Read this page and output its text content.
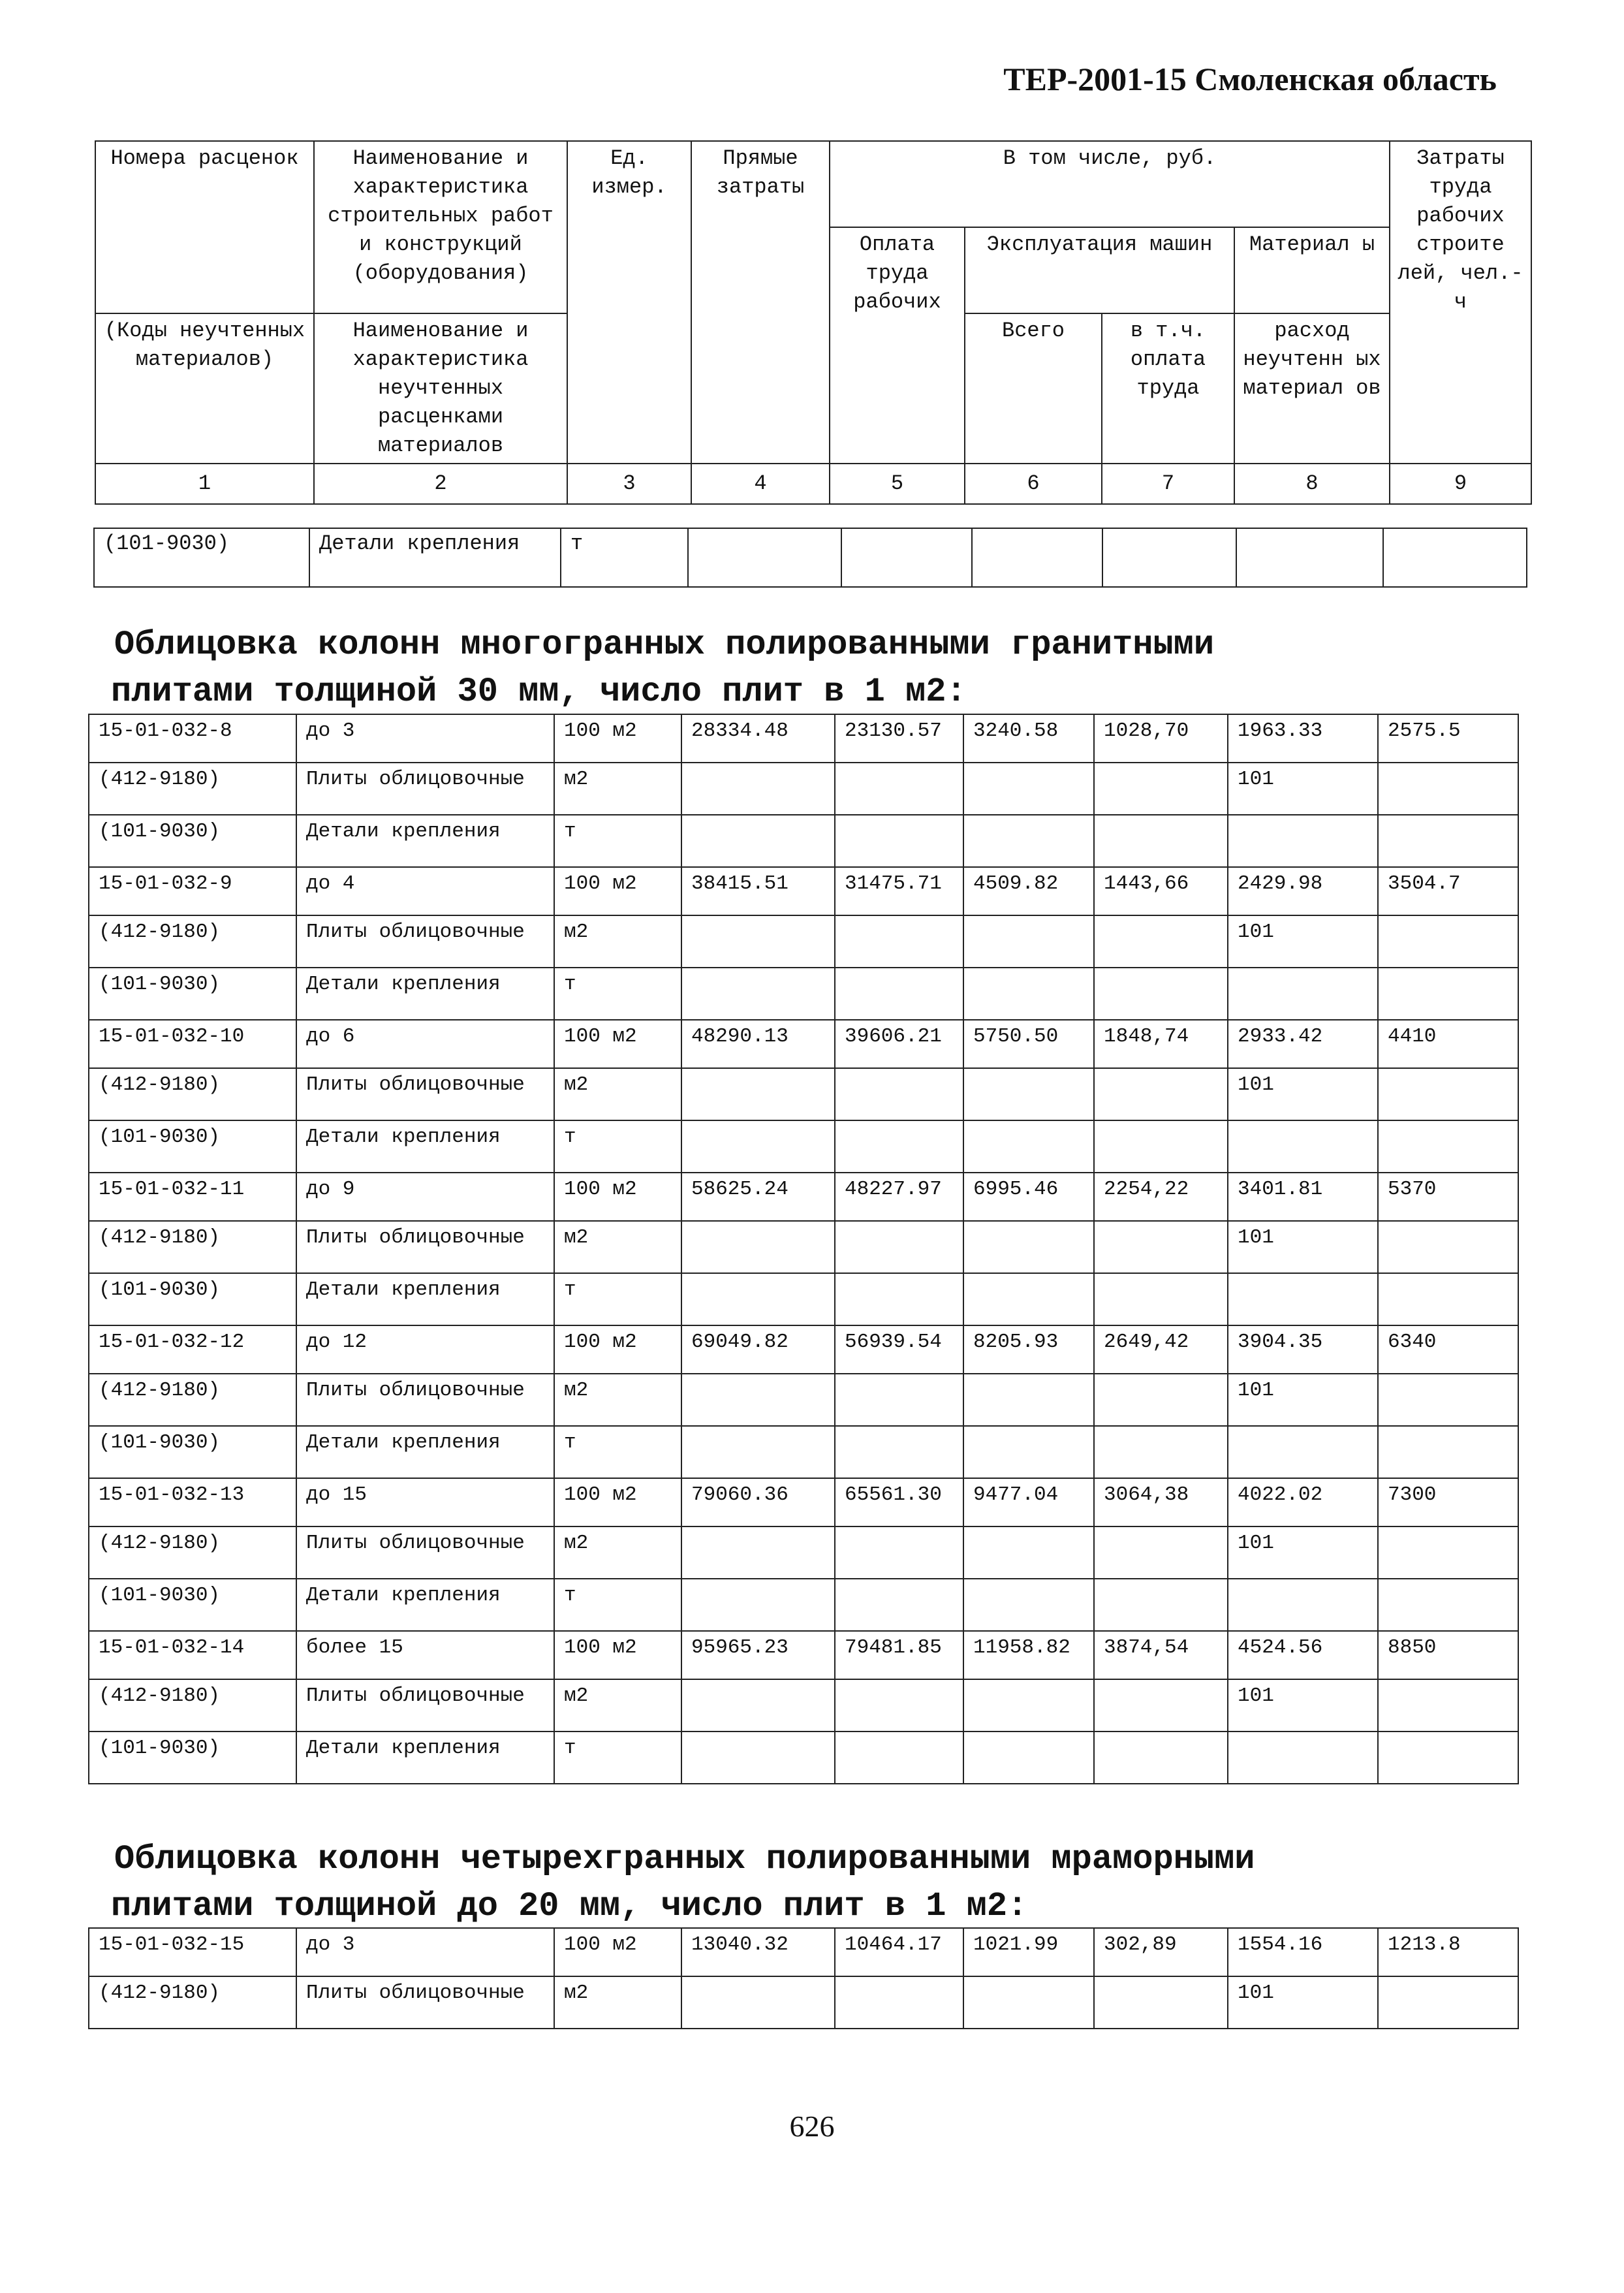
ТЕР-2001-15 Смоленская область
Номера расценок	Наименование и характеристика строительных работ и конструкций (оборудования)	Ед. измер.	Прямые затраты	В том числе, руб.				Затраты труда рабочих строите лей, чел.-ч
				Оплата труда рабочих	Эксплуатация машин		Материал ы	
(Коды неучтенных материалов)	Наименование и характеристика неучтенных расценками материалов				Всего	в т.ч. оплата труда	расход неучтенн ых материал ов	
1	2	3	4	5	6	7	8	9
(101-9030)	Детали крепления	т						
Облицовка колонн многогранных полированными гранитными
плитами толщиной 30 мм, число плит в 1 м2:
15-01-032-8	до 3	100 м2	28334.48	23130.57	3240.58	1028,70	1963.33	2575.5
(412-9180)	Плиты облицовочные	м2					101	
(101-9030)	Детали крепления	т						
15-01-032-9	до 4	100 м2	38415.51	31475.71	4509.82	1443,66	2429.98	3504.7
(412-9180)	Плиты облицовочные	м2					101	
(101-9030)	Детали крепления	т						
15-01-032-10	до 6	100 м2	48290.13	39606.21	5750.50	1848,74	2933.42	4410
(412-9180)	Плиты облицовочные	м2					101	
(101-9030)	Детали крепления	т						
15-01-032-11	до 9	100 м2	58625.24	48227.97	6995.46	2254,22	3401.81	5370
(412-9180)	Плиты облицовочные	м2					101	
(101-9030)	Детали крепления	т						
15-01-032-12	до 12	100 м2	69049.82	56939.54	8205.93	2649,42	3904.35	6340
(412-9180)	Плиты облицовочные	м2					101	
(101-9030)	Детали крепления	т						
15-01-032-13	до 15	100 м2	79060.36	65561.30	9477.04	3064,38	4022.02	7300
(412-9180)	Плиты облицовочные	м2					101	
(101-9030)	Детали крепления	т						
15-01-032-14	более 15	100 м2	95965.23	79481.85	11958.82	3874,54	4524.56	8850
(412-9180)	Плиты облицовочные	м2					101	
(101-9030)	Детали крепления	т						
Облицовка колонн четырехгранных полированными мраморными
плитами толщиной до 20 мм, число плит в 1 м2:
15-01-032-15	до 3	100 м2	13040.32	10464.17	1021.99	302,89	1554.16	1213.8
(412-9180)	Плиты облицовочные	м2					101	
626
